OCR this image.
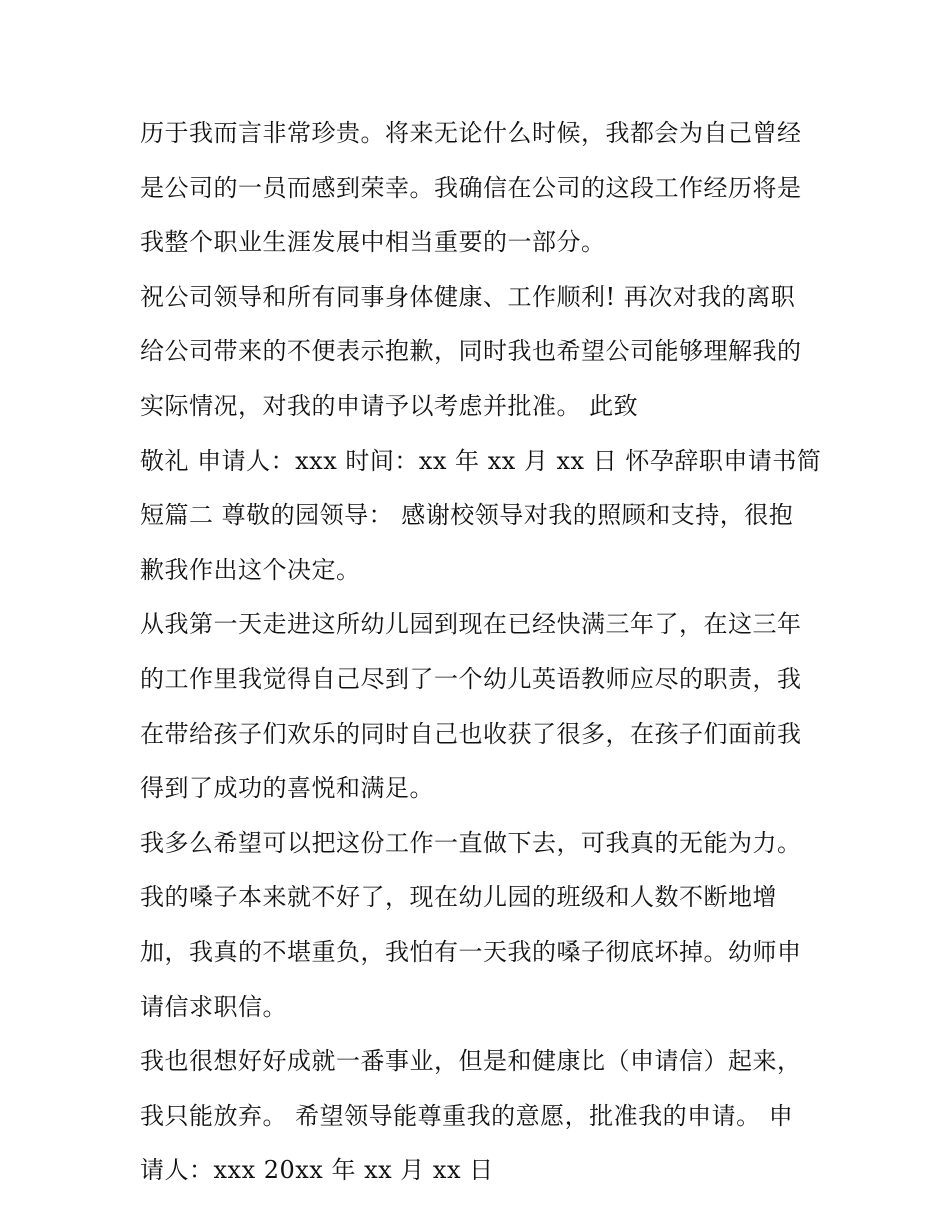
历于我而言非常珍贵。将来无论什么时候，我都会为自己曾经
是公司的一员而感到荣幸。我确信在公司的这段工作经历将是
我整个职业生涯发展中相当重要的一部分。
祝公司领导和所有同事身体健康、工作顺利! 再次对我的离职
给公司带来的不便表示抱歉，同时我也希望公司能够理解我的
实际情况，对我的申请予以考虑并批准。 此致
敬礼 申请人：xxx 时间：xx 年 xx 月 xx 日 怀孕辞职申请书简
短篇二 尊敬的园领导： 感谢校领导对我的照顾和支持，很抱
歉我作出这个决定。
从我第一天走进这所幼儿园到现在已经快满三年了，在这三年
的工作里我觉得自己尽到了一个幼儿英语教师应尽的职责，我
在带给孩子们欢乐的同时自己也收获了很多，在孩子们面前我
得到了成功的喜悦和满足。
我多么希望可以把这份工作一直做下去，可我真的无能为力。
我的嗓子本来就不好了，现在幼儿园的班级和人数不断地增
加，我真的不堪重负，我怕有一天我的嗓子彻底坏掉。幼师申
请信求职信。
我也很想好好成就一番事业，但是和健康比（申请信）起来，
我只能放弃。 希望领导能尊重我的意愿，批准我的申请。 申
请人：xxx 20xx 年 xx 月 xx 日
